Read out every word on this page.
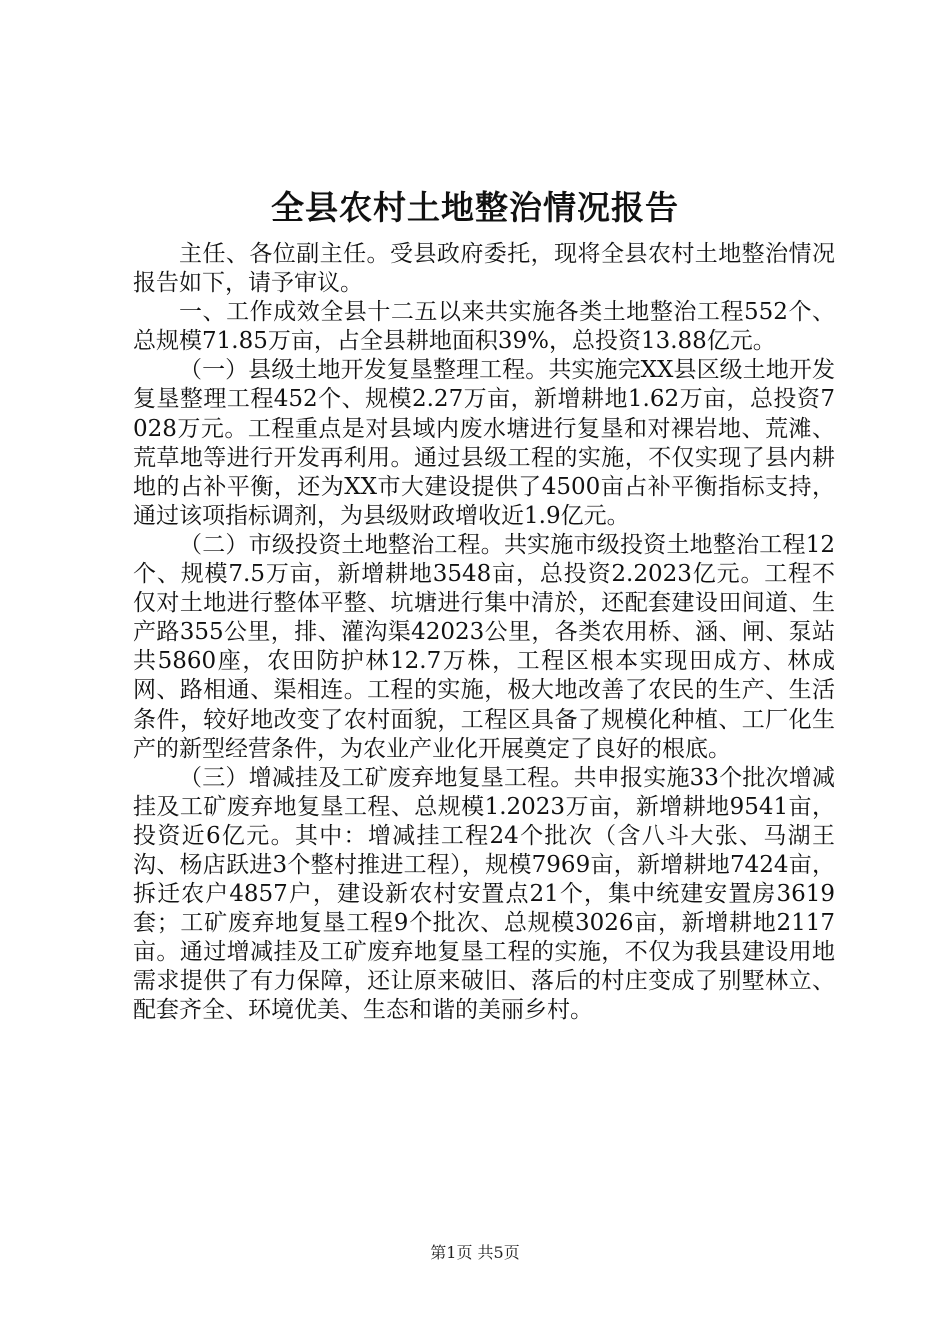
全县农村土地整治情况报告

主任、各位副主任。受县政府委托，现将全县农村土地整治情况报告如下，请予审议。

一、工作成效全县十二五以来共实施各类土地整治工程552个、总规模71.85万亩，占全县耕地面积39%，总投资13.88亿元。

（一）县级土地开发复垦整理工程。共实施完XX县区级土地开发复垦整理工程452个、规模2.27万亩，新增耕地1.62万亩，总投资7028万元。工程重点是对县域内废水塘进行复垦和对裸岩地、荒滩、荒草地等进行开发再利用。通过县级工程的实施，不仅实现了县内耕地的占补平衡，还为XX市大建设提供了4500亩占补平衡指标支持，通过该项指标调剂，为县级财政增收近1.9亿元。

（二）市级投资土地整治工程。共实施市级投资土地整治工程12个、规模7.5万亩，新增耕地3548亩，总投资2.2023亿元。工程不仅对土地进行整体平整、坑塘进行集中清於，还配套建设田间道、生产路355公里，排、灌沟渠42023公里，各类农用桥、涵、闸、泵站共5860座，农田防护林12.7万株，工程区根本实现田成方、林成网、路相通、渠相连。工程的实施，极大地改善了农民的生产、生活条件，较好地改变了农村面貌，工程区具备了规模化种植、工厂化生产的新型经营条件，为农业产业化开展奠定了良好的根底。

（三）增减挂及工矿废弃地复垦工程。共申报实施33个批次增减挂及工矿废弃地复垦工程、总规模1.2023万亩，新增耕地9541亩，投资近6亿元。其中：增减挂工程24个批次（含八斗大张、马湖王沟、杨店跃进3个整村推进工程），规模7969亩，新增耕地7424亩，拆迁农户4857户，建设新农村安置点21个，集中统建安置房3619套；工矿废弃地复垦工程9个批次、总规模3026亩，新增耕地2117亩。通过增减挂及工矿废弃地复垦工程的实施，不仅为我县建设用地需求提供了有力保障，还让原来破旧、落后的村庄变成了别墅林立、配套齐全、环境优美、生态和谐的美丽乡村。

第1页 共5页
